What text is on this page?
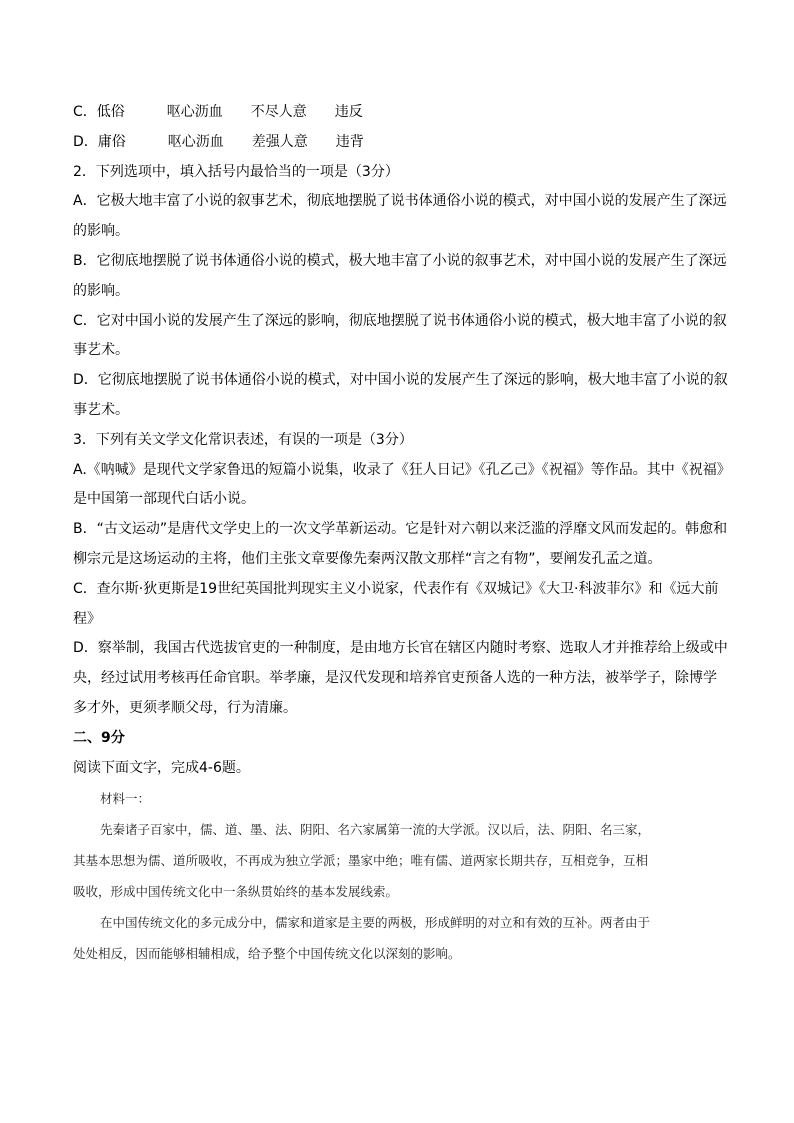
C．低俗	呕心沥血 不尽人意 违反
D．庸俗	呕心沥血 差强人意 违背
2．下列选项中，填入括号内最恰当的一项是（3分）
A．它极大地丰富了小说的叙事艺术，彻底地摆脱了说书体通俗小说的模式，对中国小说的发展产生了深远
的影响。
B．它彻底地摆脱了说书体通俗小说的模式，极大地丰富了小说的叙事艺术，对中国小说的发展产生了深远
的影响。
C．它对中国小说的发展产生了深远的影响，彻底地摆脱了说书体通俗小说的模式，极大地丰富了小说的叙
事艺术。
D．它彻底地摆脱了说书体通俗小说的模式，对中国小说的发展产生了深远的影响，极大地丰富了小说的叙
事艺术。
3．下列有关文学文化常识表述，有误的一项是（3分）
A.《呐喊》是现代文学家鲁迅的短篇小说集，收录了《狂人日记》《孔乙己》《祝福》等作品。其中《祝福》
是中国第一部现代白话小说。
B．“古文运动”是唐代文学史上的一次文学革新运动。它是针对六朝以来泛滥的浮靡文风而发起的。韩愈和
柳宗元是这场运动的主将，他们主张文章要像先秦两汉散文那样“言之有物”，要阐发孔孟之道。
C．查尔斯·狄更斯是19世纪英国批判现实主义小说家，代表作有《双城记》《大卫·科波菲尔》和《远大前
程》
D．察举制，我国古代选拔官吏的一种制度，是由地方长官在辖区内随时考察、选取人才并推荐给上级或中
央，经过试用考核再任命官职。举孝廉，是汉代发现和培养官吏预备人选的一种方法，被举学子，除博学
多才外，更须孝顺父母，行为清廉。
二、9分
阅读下面文字，完成4-6题。
材料一：
先秦诸子百家中，儒、道、墨、法、阴阳、名六家属第一流的大学派。汉以后，法、阴阳、名三家，
其基本思想为儒、道所吸收，不再成为独立学派；墨家中绝；唯有儒、道两家长期共存，互相竞争，互相
吸收，形成中国传统文化中一条纵贯始终的基本发展线索。
在中国传统文化的多元成分中，儒家和道家是主要的两极，形成鲜明的对立和有效的互补。两者由于
处处相反，因而能够相辅相成，给予整个中国传统文化以深刻的影响。
